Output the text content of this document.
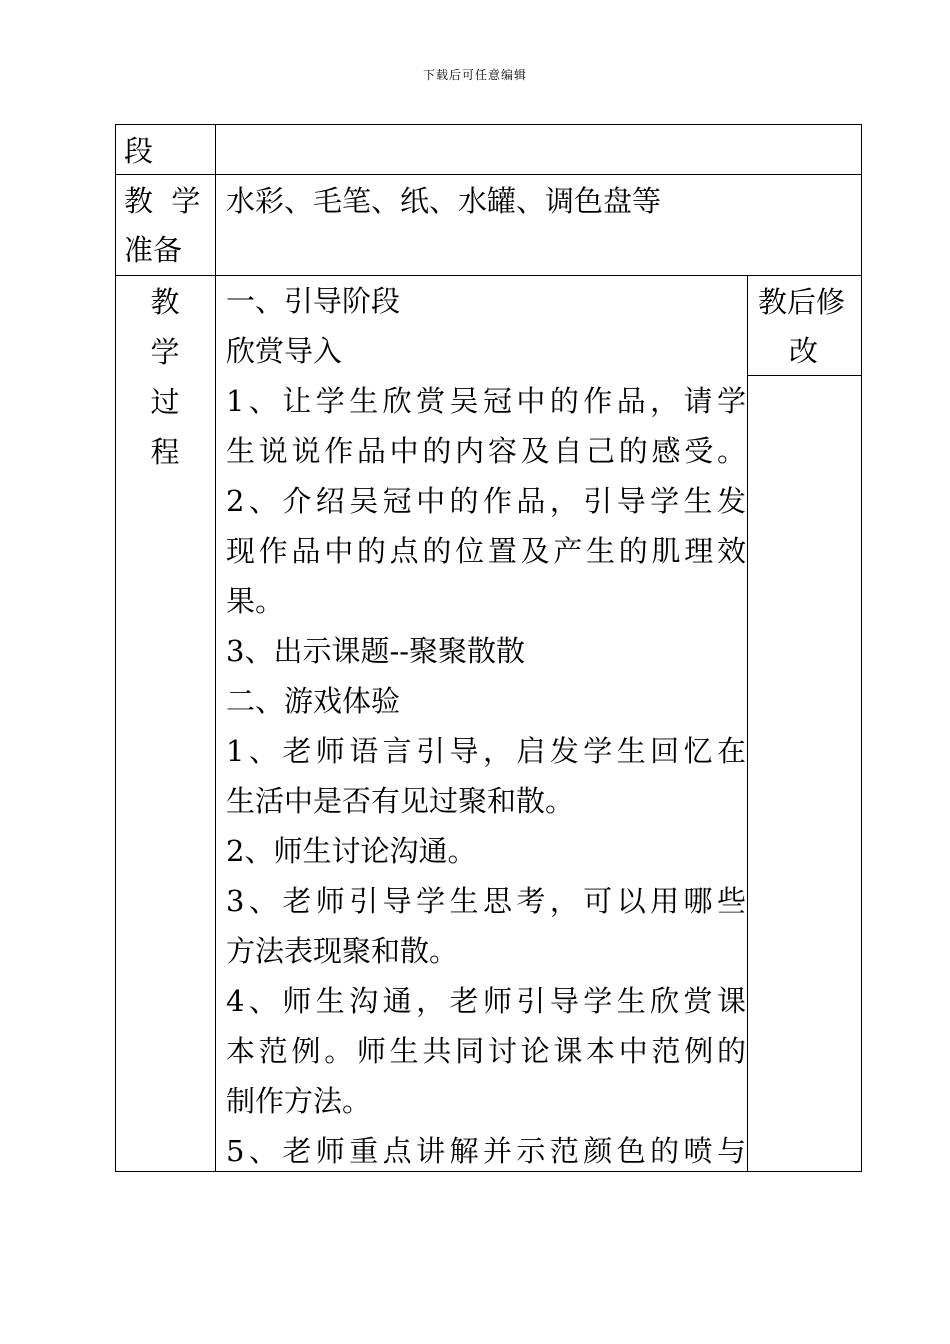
下载后可任意编辑
段
教  学
准备
水彩、毛笔、纸、水罐、调色盘等
教
学
过
程
教后修
改
一、引导阶段
欣赏导入
1、让学生欣赏吴冠中的作品，请学
生说说作品中的内容及自己的感受。
2、介绍吴冠中的作品，引导学生发
现作品中的点的位置及产生的肌理效
果。
3、出示课题--聚聚散散
二、游戏体验
1、老师语言引导，启发学生回忆在
生活中是否有见过聚和散。
2、师生讨论沟通。
3、老师引导学生思考，可以用哪些
方法表现聚和散。
4、师生沟通，老师引导学生欣赏课
本范例。师生共同讨论课本中范例的
制作方法。
5、老师重点讲解并示范颜色的喷与
